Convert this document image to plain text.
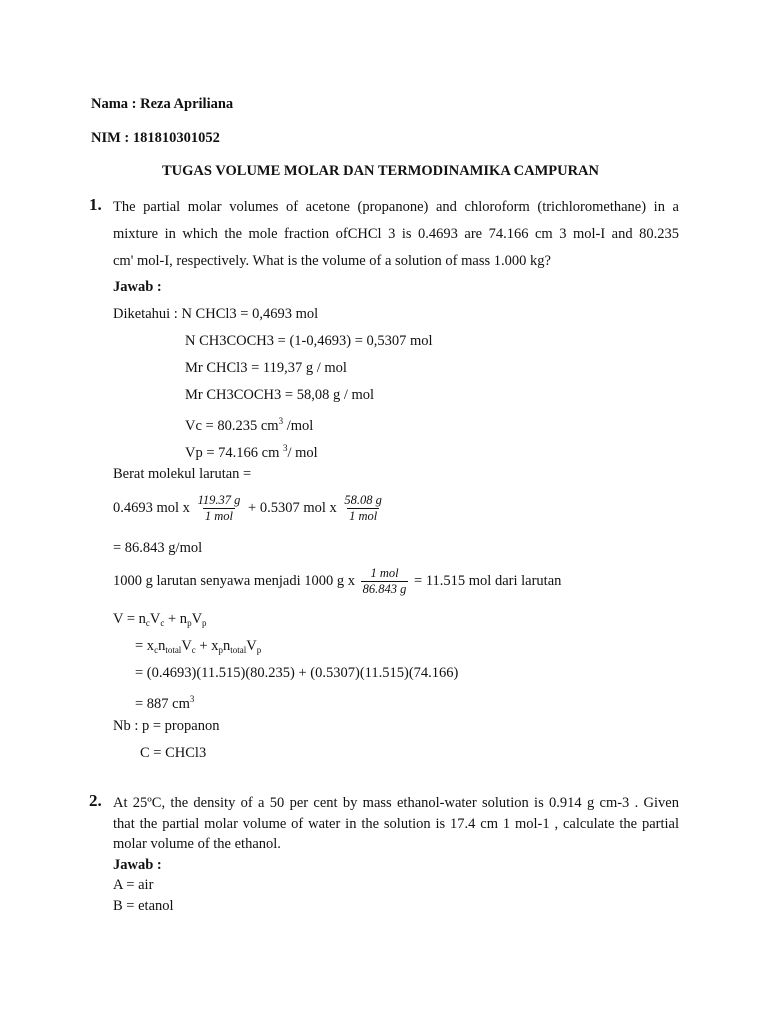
Nama : Reza Apriliana
NIM : 181810301052
TUGAS VOLUME MOLAR DAN TERMODINAMIKA CAMPURAN
1. The partial molar volumes of acetone (propanone) and chloroform (trichloromethane) in a
mixture in which the mole fraction ofCHCl 3 is 0.4693 are 74.166 cm 3 mol-I and 80.235
cm' mol-I, respectively. What is the volume of a solution of mass 1.000 kg?
Jawab :
Diketahui : N CHCl3 = 0,4693 mol
N CH3COCH3 = (1-0,4693) = 0,5307 mol
Mr CHCl3 = 119,37 g / mol
Mr CH3COCH3 = 58,08 g / mol
Vc = 80.235 $cm^3$ /mol
Vp = 74.166 cm $^3$/ mol
Berat molekul larutan =
0.4693 mol x $\frac{119.37 g}{\text{1 mol}} + 0.5307$ mol x $\frac{58.08 g}{\text{1 mol}}$
= 86.843 g/mol
1000 g larutan senyawa menjadi 1000 g x $\frac{\text{1 mol}}{86.843 g} = 11.515$ mol dari larutan
$V = n_cV_c + n_pV_p$
= $x_cn_{total}V_c + x_pn_{total}V_p$
= (0.4693)(11.515)(80.235) + (0.5307)(11.515)(74.166)
= 887 $cm^3$
Nb : p = propanon
C = CHCl3
2. At 25ºC, the density of a 50 per cent by mass ethanol-water solution is 0.914 g cm-3 . Given
that the partial molar volume of water in the solution is 17.4 cm 1 mol-1 , calculate the partial
molar volume of the ethanol.
Jawab :
A = air
B = etanol
